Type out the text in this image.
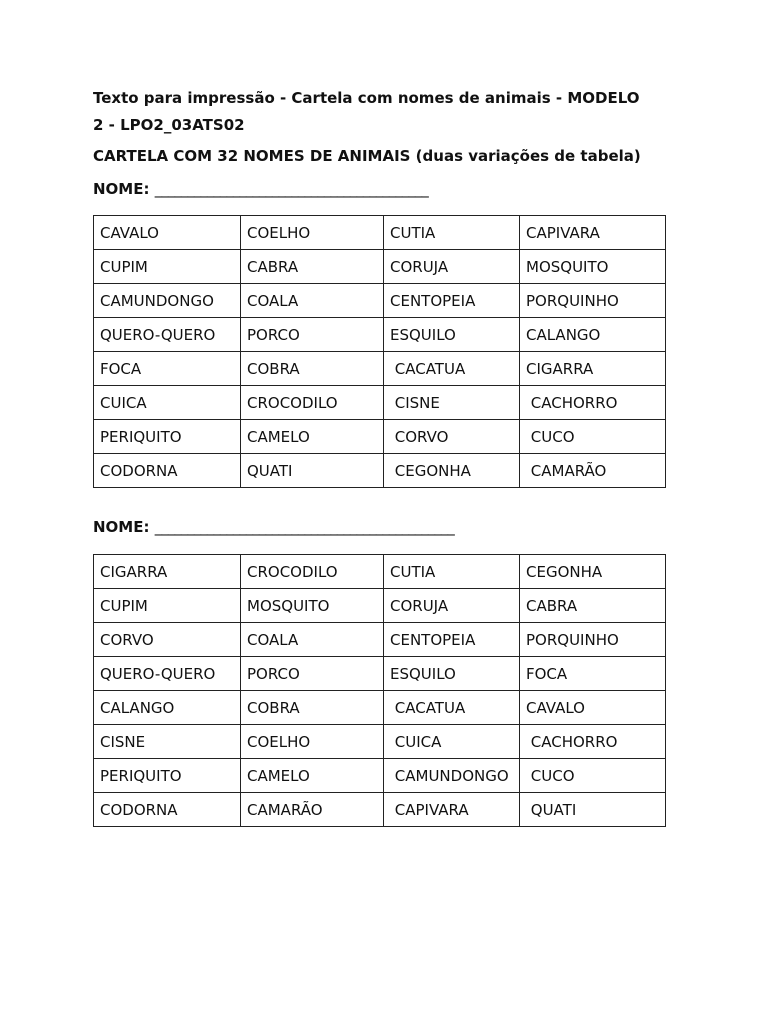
Texto para impressão - Cartela com nomes de animais - MODELO 2 - LPO2_03ATS02

CARTELA COM 32 NOMES DE ANIMAIS (duas variações de tabela)

NOME: __________________________________________

CAVALO	COELHO	CUTIA	CAPIVARA
CUPIM	CABRA	CORUJA	MOSQUITO
CAMUNDONGO	COALA	CENTOPEIA	PORQUINHO
QUERO-QUERO	PORCO	ESQUILO	CALANGO
FOCA	COBRA	CACATUA	CIGARRA
CUICA	CROCODILO	CISNE	CACHORRO
PERIQUITO	CAMELO	CORVO	CUCO
CODORNA	QUATI	CEGONHA	CAMARÃO

NOME: ______________________________________________

CIGARRA	CROCODILO	CUTIA	CEGONHA
CUPIM	MOSQUITO	CORUJA	CABRA
CORVO	COALA	CENTOPEIA	PORQUINHO
QUERO-QUERO	PORCO	ESQUILO	FOCA
CALANGO	COBRA	CACATUA	CAVALO
CISNE	COELHO	CUICA	CACHORRO
PERIQUITO	CAMELO	CAMUNDONGO	CUCO
CODORNA	CAMARÃO	CAPIVARA	QUATI
